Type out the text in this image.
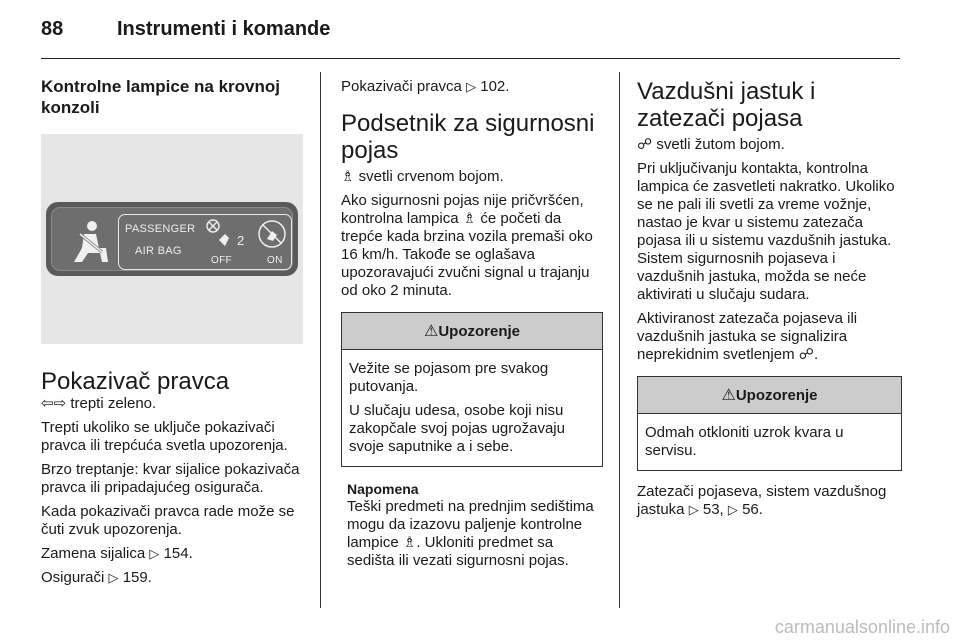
88	Instrumenti i komande
Kontrolne lampice na krovnoj konzoli
PASSENGER
AIR BAG
2
OFF	ON
Pokazivač pravca

⇦⇨ trepti zeleno.

Trepti ukoliko se uključe pokazivači pravca ili trepćuća svetla upozorenja.

Brzo treptanje: kvar sijalice pokazivača pravca ili pripadajućeg osigurača.

Kada pokazivači pravca rade može se čuti zvuk upozorenja.

Zamena sijalica ▷ 154.

Osigurači ▷ 159.

Pokazivači pravca ▷ 102.

Podsetnik za sigurnosni pojas

♗ svetli crvenom bojom.

Ako sigurnosni pojas nije pričvršćen, kontrolna lampica ♗ će početi da trepće kada brzina vozila premaši oko 16 km/h. Takođe se oglašava upozoravajući zvučni signal u trajanju od oko 2 minuta.

⚠Upozorenje

Vežite se pojasom pre svakog putovanja.

U slučaju udesa, osobe koji nisu zakopčale svoj pojas ugrožavaju svoje saputnike a i sebe.

Napomena

Teški predmeti na prednjim sedištima mogu da izazovu paljenje kontrolne lampice ♗. Ukloniti predmet sa sedišta ili vezati sigurnosni pojas.

Vazdušni jastuk i zatezači pojasa

☍ svetli žutom bojom.

Pri uključivanju kontakta, kontrolna lampica će zasvetleti nakratko. Ukoliko se ne pali ili svetli za vreme vožnje, nastao je kvar u sistemu zatezača pojasa ili u sistemu vazdušnih jastuka. Sistem sigurnosnih pojaseva i vazdušnih jastuka, možda se neće aktivirati u slučaju sudara.

Aktiviranost zatezača pojaseva ili vazdušnih jastuka se signalizira neprekidnim svetlenjem ☍.

⚠Upozorenje

Odmah otkloniti uzrok kvara u servisu.

Zatezači pojaseva, sistem vazdušnog jastuka ▷ 53, ▷ 56.

carmanualsonline.info
